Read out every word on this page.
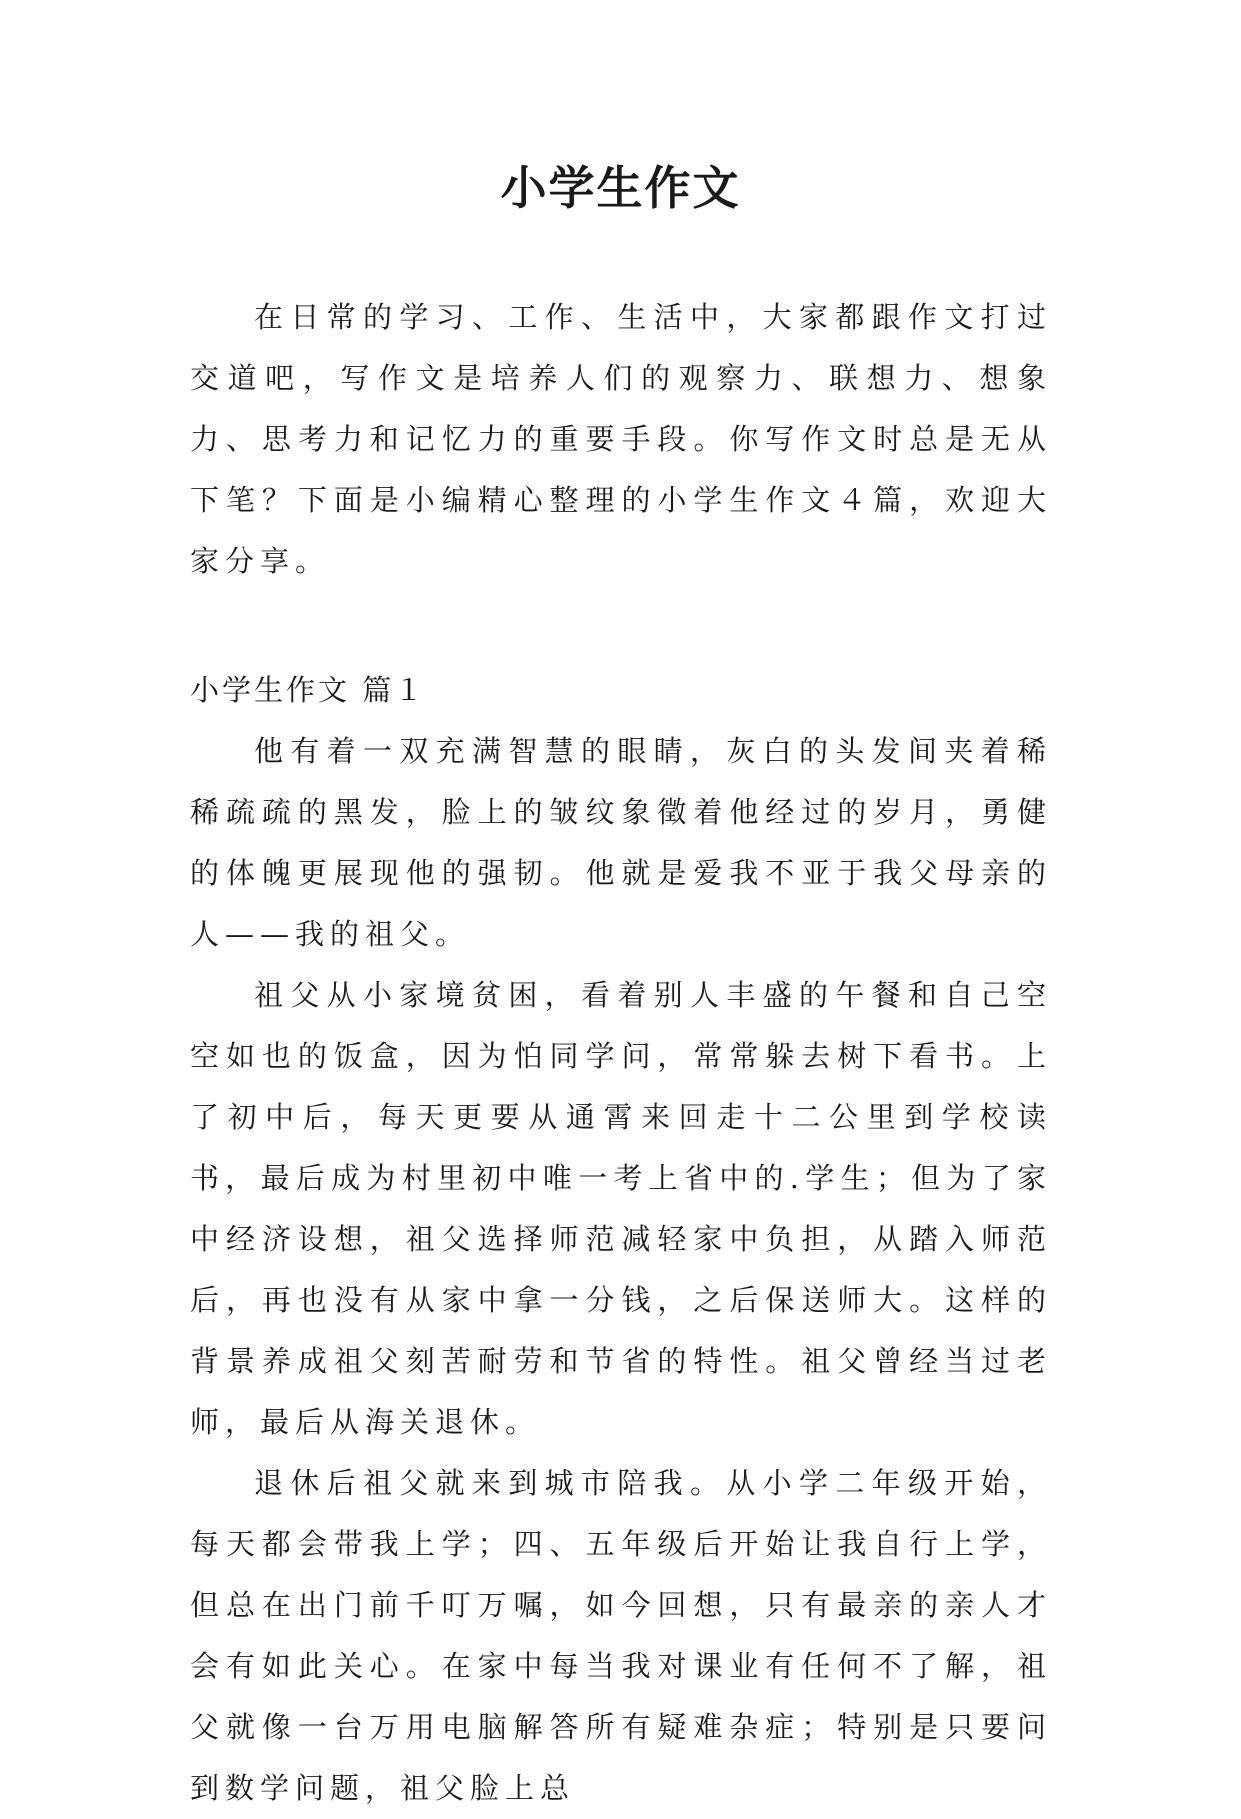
小学生作文

在日常的学习、工作、生活中，大家都跟作文打过交道吧，写作文是培养人们的观察力、联想力、想象力、思考力和记忆力的重要手段。你写作文时总是无从下笔？下面是小编精心整理的小学生作文４篇，欢迎大家分享。

小学生作文 篇１

他有着一双充满智慧的眼睛，灰白的头发间夹着稀稀疏疏的黑发，脸上的皱纹象徵着他经过的岁月，勇健的体魄更展现他的强韧。他就是爱我不亚于我父母亲的人——我的祖父。

祖父从小家境贫困，看着别人丰盛的午餐和自己空空如也的饭盒，因为怕同学问，常常躲去树下看书。上了初中后，每天更要从通霄来回走十二公里到学校读书，最后成为村里初中唯一考上省中的.学生；但为了家中经济设想，祖父选择师范减轻家中负担，从踏入师范后，再也没有从家中拿一分钱，之后保送师大。这样的背景养成祖父刻苦耐劳和节省的特性。祖父曾经当过老师，最后从海关退休。

退休后祖父就来到城市陪我。从小学二年级开始，每天都会带我上学；四、五年级后开始让我自行上学，但总在出门前千叮万嘱，如今回想，只有最亲的亲人才会有如此关心。在家中每当我对课业有任何不了解，祖父就像一台万用电脑解答所有疑难杂症；特别是只要问到数学问题，祖父脸上总
